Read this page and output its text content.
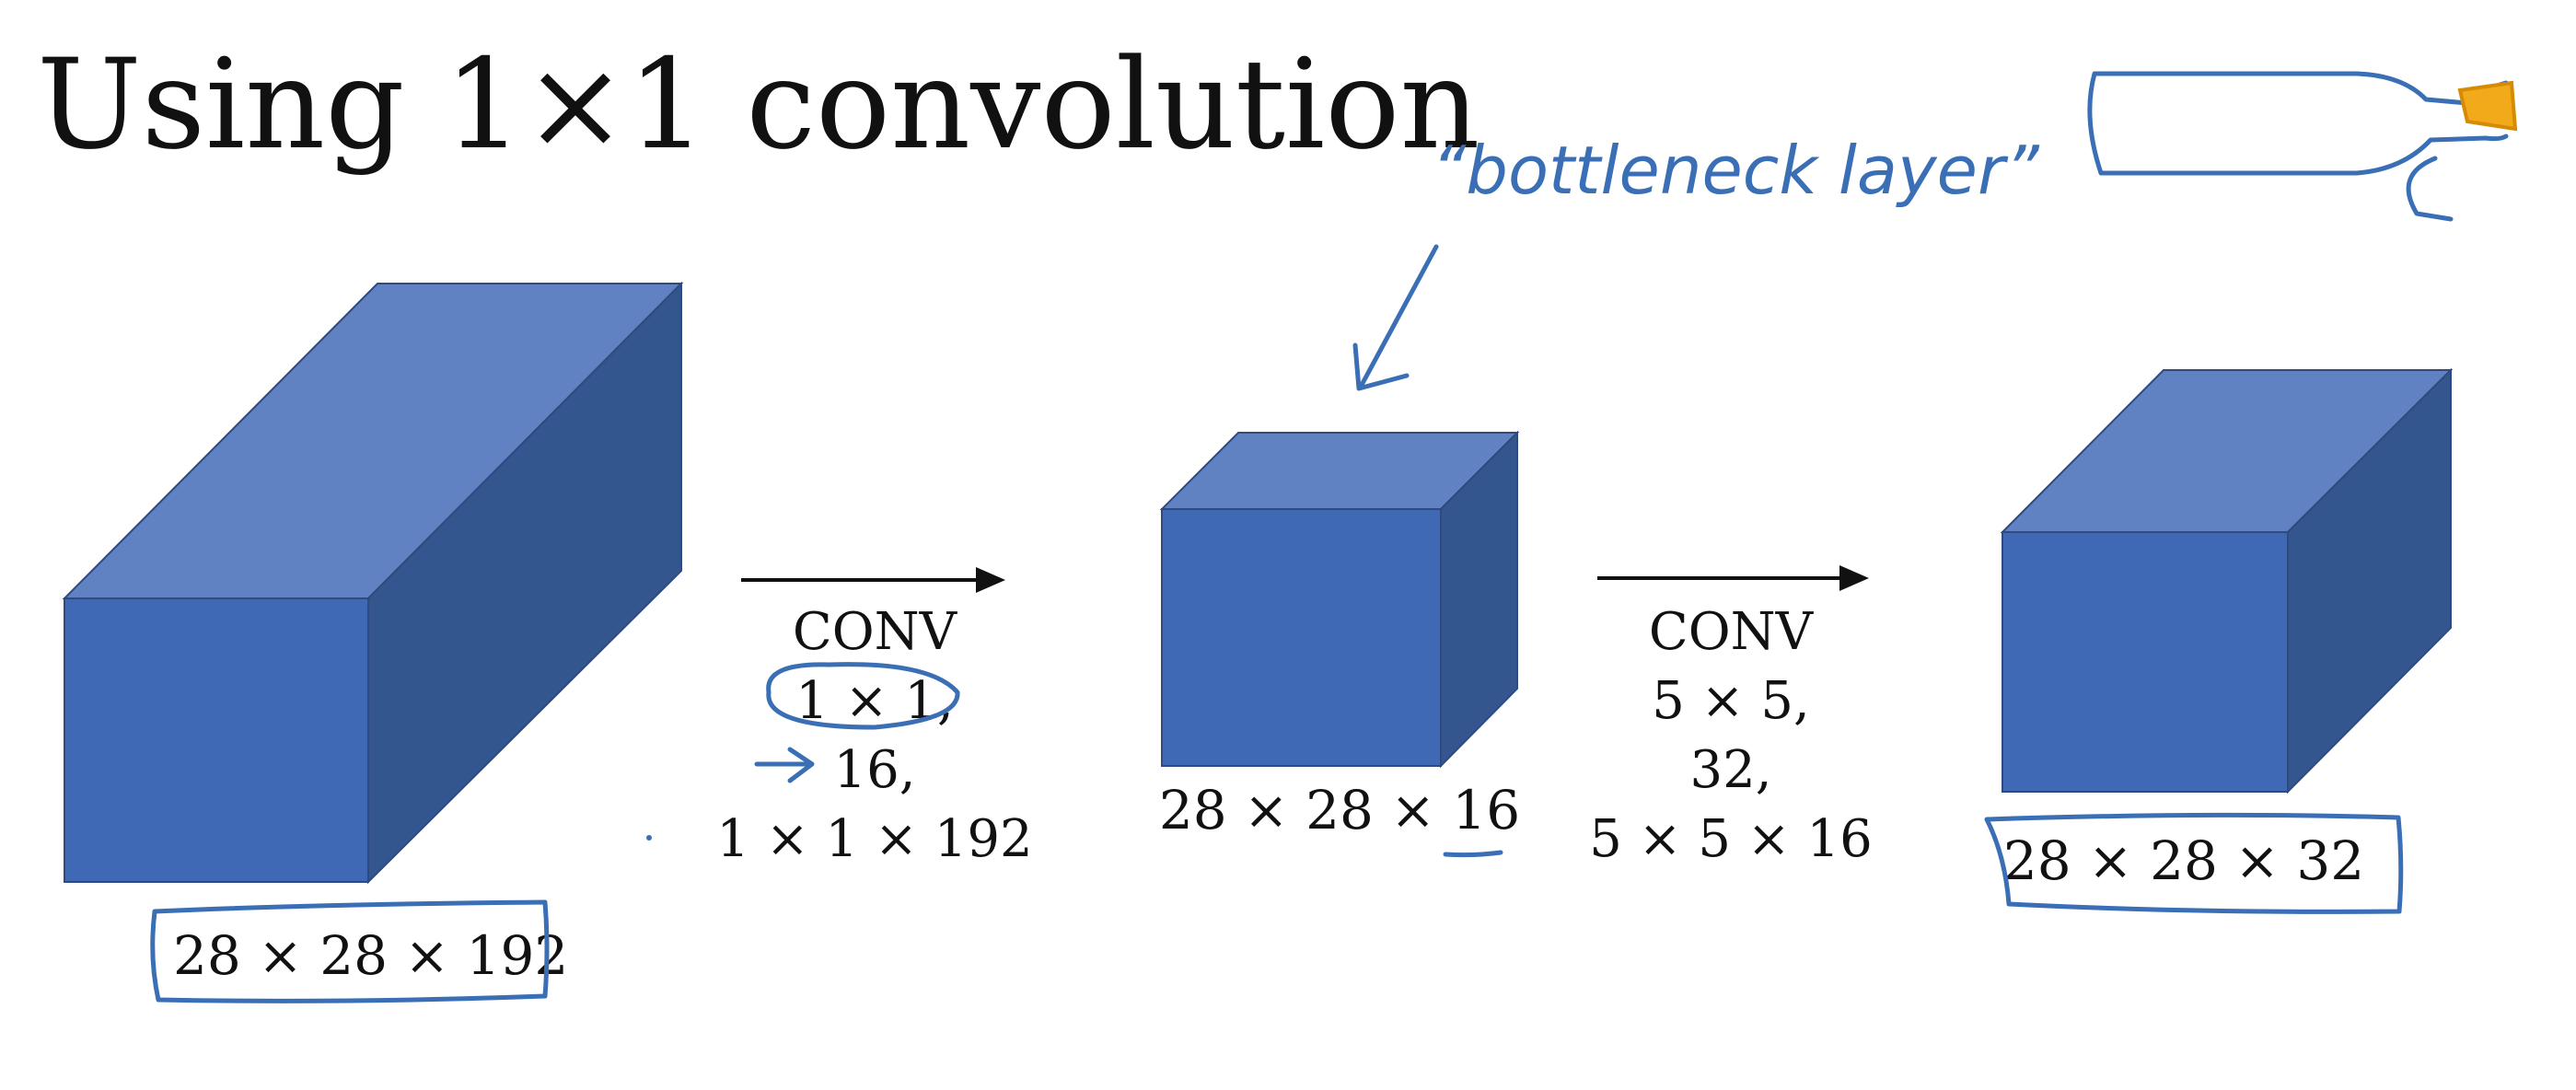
Using 1×1 convolution
“bottleneck layer”
28 × 28 × 192
CONV
1 × 1,
16,
1 × 1 × 192 28 × 28 × 16
CONV
5 × 5,
32,
5 × 5 × 16 28 × 28 × 32
